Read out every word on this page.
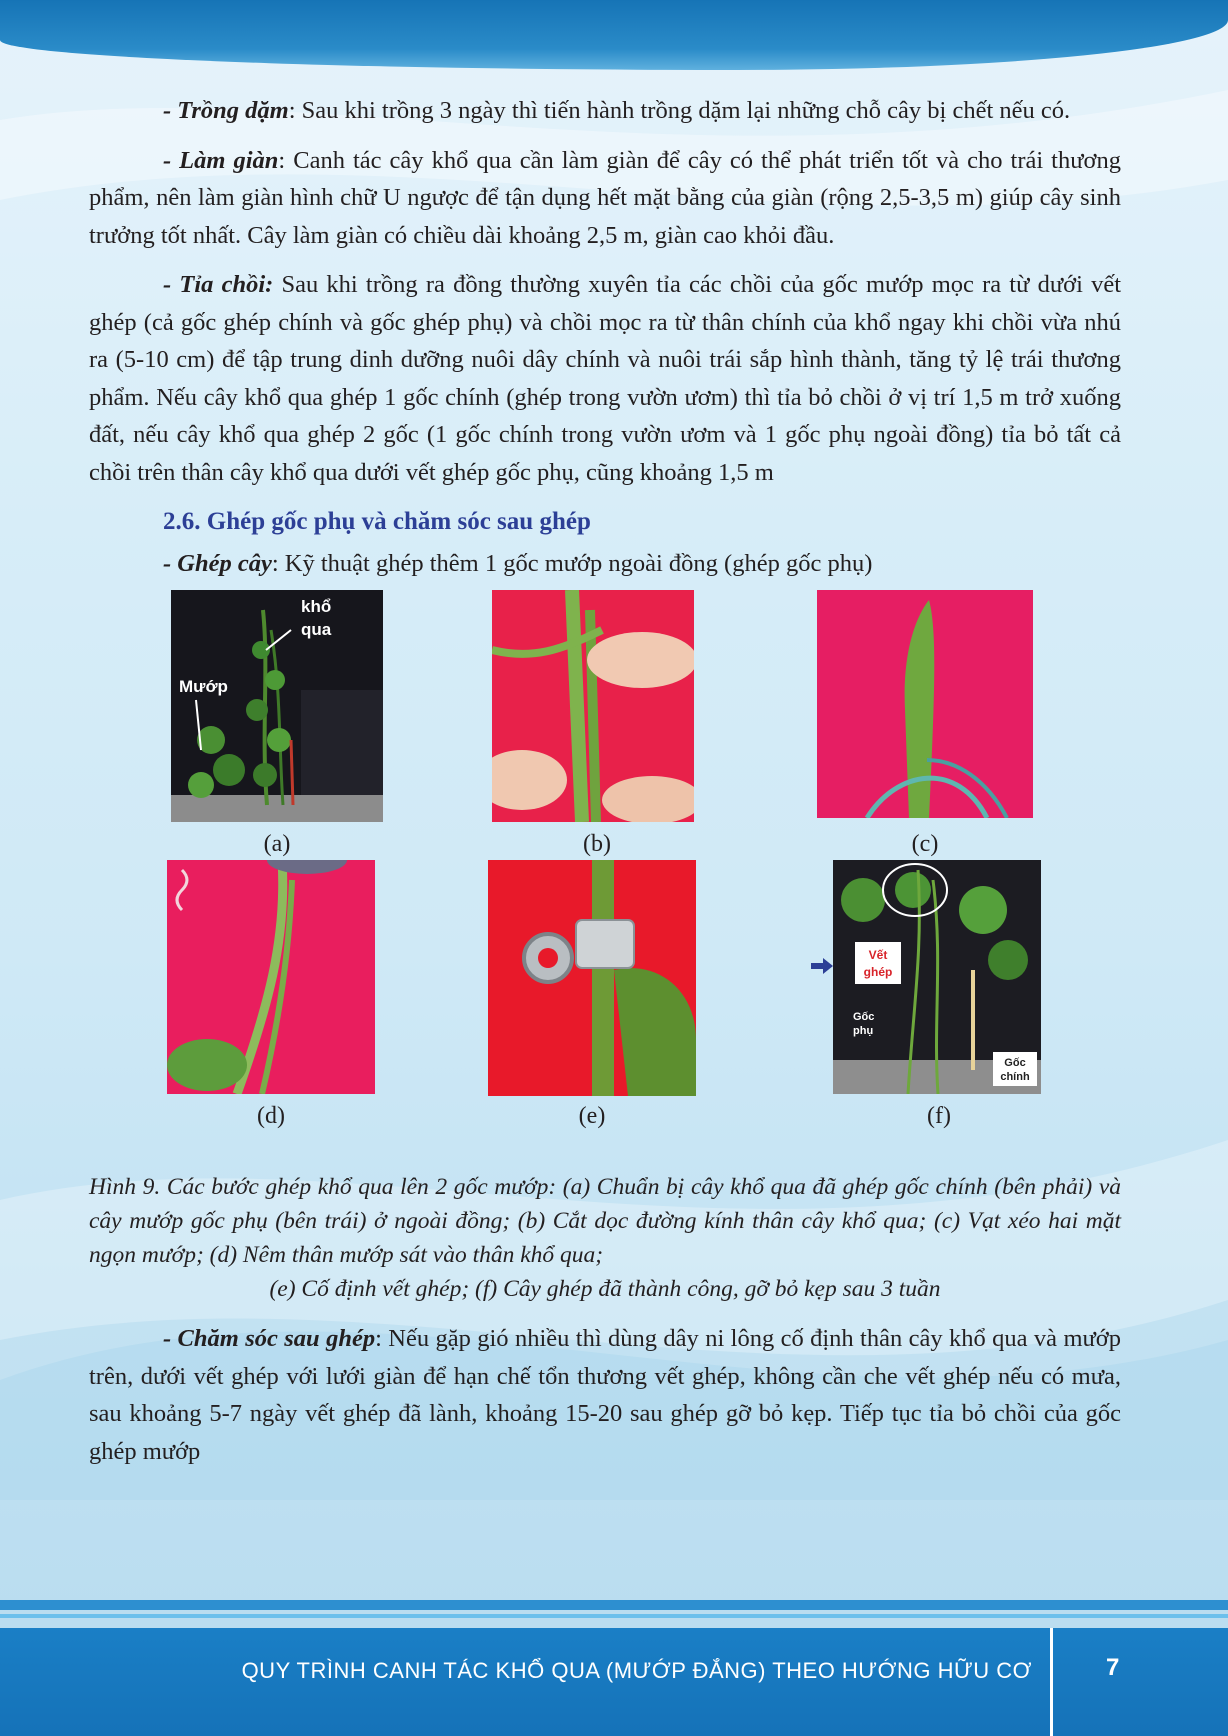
- Trồng dặm: Sau khi trồng 3 ngày thì tiến hành trồng dặm lại những chỗ cây bị chết nếu có.

- Làm giàn: Canh tác cây khổ qua cần làm giàn để cây có thể phát triển tốt và cho trái thương phẩm, nên làm giàn hình chữ U ngược để tận dụng hết mặt bằng của giàn (rộng 2,5-3,5 m) giúp cây sinh trưởng tốt nhất. Cây làm giàn có chiều dài khoảng 2,5 m, giàn cao khỏi đầu.

- Tỉa chồi: Sau khi trồng ra đồng thường xuyên tỉa các chồi của gốc mướp mọc ra từ dưới vết ghép (cả gốc ghép chính và gốc ghép phụ) và chồi mọc ra từ thân chính của khổ ngay khi chồi vừa nhú ra (5-10 cm) để tập trung dinh dưỡng nuôi dây chính và nuôi trái sắp hình thành, tăng tỷ lệ trái thương phẩm. Nếu cây khổ qua ghép 1 gốc chính (ghép trong vườn ươm) thì tỉa bỏ chồi ở vị trí 1,5 m trở xuống đất, nếu cây khổ qua ghép 2 gốc (1 gốc chính trong vườn ươm và 1 gốc phụ ngoài đồng) tỉa bỏ tất cả chồi trên thân cây khổ qua dưới vết ghép gốc phụ, cũng khoảng 1,5 m

2.6. Ghép gốc phụ và chăm sóc sau ghép

- Ghép cây: Kỹ thuật ghép thêm 1 gốc mướp ngoài đồng (ghép gốc phụ)

khổ
qua
Mướp
(a)	(b)	(c)
(d)	(e)
Vết
ghép
Gốc
phụ
Gốc
chính
(f)
Hình 9. Các bước ghép khổ qua lên 2 gốc mướp: (a) Chuẩn bị cây khổ qua đã ghép gốc chính (bên phải) và cây mướp gốc phụ (bên trái) ở ngoài đồng; (b) Cắt dọc đường kính thân cây khổ qua; (c) Vạt xéo hai mặt ngọn mướp; (d) Nêm thân mướp sát vào thân khổ qua;
(e) Cố định vết ghép; (f) Cây ghép đã thành công, gỡ bỏ kẹp sau 3 tuần

- Chăm sóc sau ghép: Nếu gặp gió nhiều thì dùng dây ni lông cố định thân cây khổ qua và mướp trên, dưới vết ghép với lưới giàn để hạn chế tổn thương vết ghép, không cần che vết ghép nếu có mưa, sau khoảng 5-7 ngày vết ghép đã lành, khoảng 15-20 sau ghép gỡ bỏ kẹp. Tiếp tục tỉa bỏ chồi của gốc ghép mướp

QUY TRÌNH CANH TÁC KHỔ QUA (MƯỚP ĐẮNG) THEO HƯỚNG HỮU CƠ	7
